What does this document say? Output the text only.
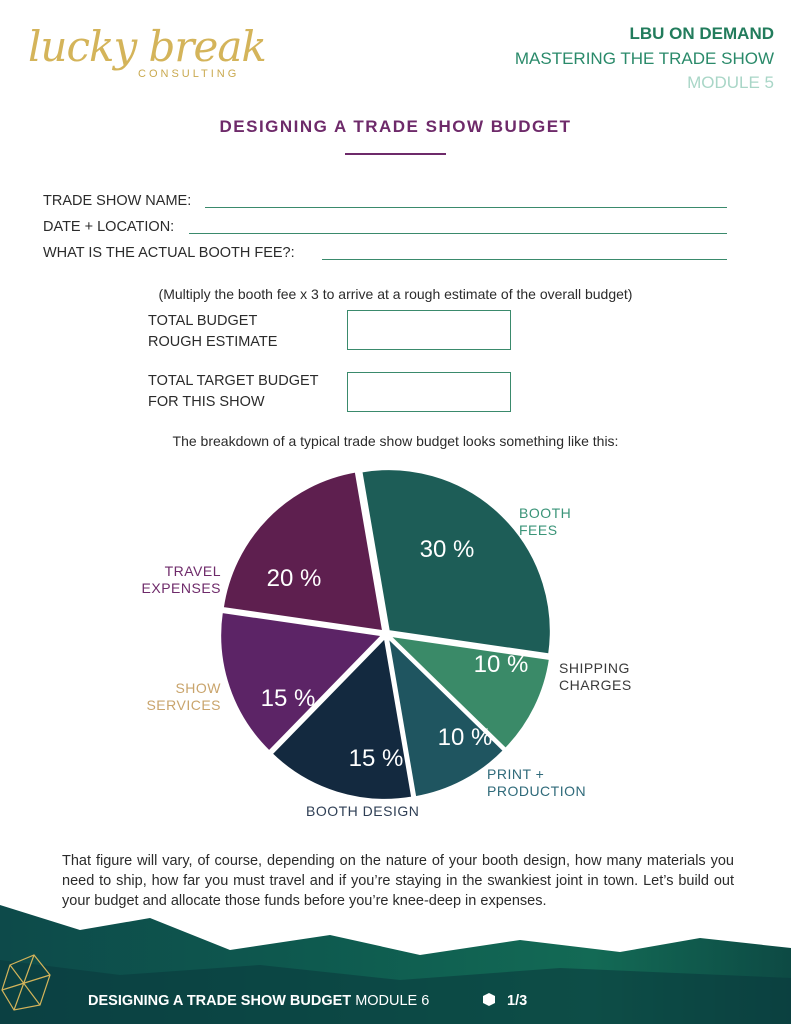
lucky break
CONSULTING
LBU ON DEMAND
MASTERING THE TRADE SHOW
MODULE 5
DESIGNING A TRADE SHOW BUDGET
TRADE SHOW NAME:
DATE + LOCATION:
WHAT IS THE ACTUAL BOOTH FEE?:
(Multiply the booth fee x 3 to arrive at a rough estimate of the overall budget)
TOTAL BUDGET
ROUGH ESTIMATE
TOTAL TARGET BUDGET
FOR THIS SHOW
The breakdown of a typical trade show budget looks something like this:
30 %
10 %
10 %
15 %
15 %
20 %
BOOTH
FEES
SHIPPING
CHARGES
PRINT +
PRODUCTION
BOOTH DESIGN
SHOW
SERVICES
TRAVEL
EXPENSES
That figure will vary, of course, depending on the nature of your booth design, how many materials you need to ship, how far you must travel and if you’re staying in the swankiest joint in town. Let’s build out your budget and allocate those funds before you’re knee-deep in expenses.
DESIGNING A TRADE SHOW BUDGET MODULE 6	1/3
